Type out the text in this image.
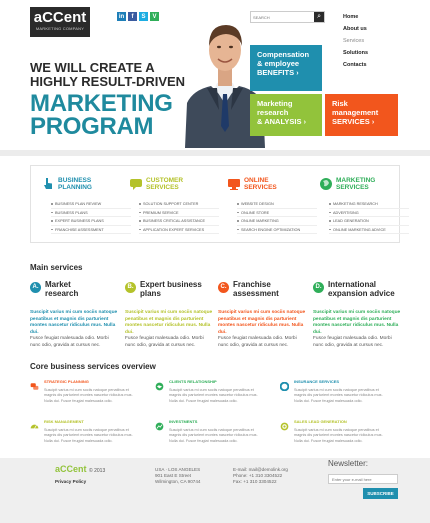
aCCent
MARKETING COMPANY
in	f	S	V
SEARCH	⌕	Home
About us
Services
Solutions
Contacts
WE WILL CREATE A
HIGHLY RESULT-DRIVEN
MARKETING
PROGRAM
Compensation
& employee
BENEFITS ›
Marketing
research
& ANALYSIS ›
Risk
management
SERVICES ›
BUSINESS
PLANNING
BUSINESS PLAN REVIEW
BUSINESS PLANS
EXPERT BUSINESS PLANS
FRANCHISE ASSESSMENT
CUSTOMER
SERVICES
SOLUTION SUPPORT CENTER
PREMIUM SERVICE
BUSINESS CRITICAL ASSISTANCE
APPLICATION EXPERT SERVICES
ONLINE
SERVICES
WEBSITE DESIGN
ONLINE STORE
ONLINE MARKETING
SEARCH ENGINE OPTIMIZATION
MARKETING
SERVICES
MARKETING RESEARCH
ADVERTISING
LEAD GENERATION
ONLINE MARKETING ADVICE
Main services
A. Market
research
Suscipit varius mi cum sociis natoque penatibus et magnis dis parturient montes nascetur ridiculus mus. Nulla dui.
Fusce feugiat malesuada odio. Morbi nunc odio, gravida at cursus nec.
B. Expert business
plans
Suscipit varius mi cum sociis natoque penatibus et magnis dis parturient montes nascetur ridiculus mus. Nulla dui.
Fusce feugiat malesuada odio. Morbi nunc odio, gravida at cursus nec.
C. Franchise
assessment
Suscipit varius mi cum sociis natoque penatibus et magnis dis parturient montes nascetur ridiculus mus. Nulla dui.
Fusce feugiat malesuada odio. Morbi nunc odio, gravida at cursus nec.
D. International
expansion advice
Suscipit varius mi cum sociis natoque penatibus et magnis dis parturient montes nascetur ridiculus mus. Nulla dui.
Fusce feugiat malesuada odio. Morbi nunc odio, gravida at cursus nec.
Core business services overview
STRATEGIC PLANNING
Suscipit varius mi cum sociis natoque penatibus et magnis dis parturient montes nascetur ridiculus mus. Nulla dui. Fusce feugiat malesuada odio.
CLIENTS RELATIONSHIP
Suscipit varius mi cum sociis natoque penatibus et magnis dis parturient montes nascetur ridiculus mus. Nulla dui. Fusce feugiat malesuada odio.
INSURANCE SERVICES
Suscipit varius mi cum sociis natoque penatibus et magnis dis parturient montes nascetur ridiculus mus. Nulla dui. Fusce feugiat malesuada odio.
RISK MANAGEMENT
Suscipit varius mi cum sociis natoque penatibus et magnis dis parturient montes nascetur ridiculus mus. Nulla dui. Fusce feugiat malesuada odio.
INVESTMENTS
Suscipit varius mi cum sociis natoque penatibus et magnis dis parturient montes nascetur ridiculus mus. Nulla dui. Fusce feugiat malesuada odio.
SALES LEAD GENERATION
Suscipit varius mi cum sociis natoque penatibus et magnis dis parturient montes nascetur ridiculus mus. Nulla dui. Fusce feugiat malesuada odio.
aCCent © 2013
Privacy Policy
USA · LOS ANGELES
901 East E Street
Wilmington, CA 90744
E-mail: mail@demolink.org
Phone: +1 310 3304522
Fax: +1 310 3304522
Newsletter:
Enter your e-mail here
SUBSCRIBE
